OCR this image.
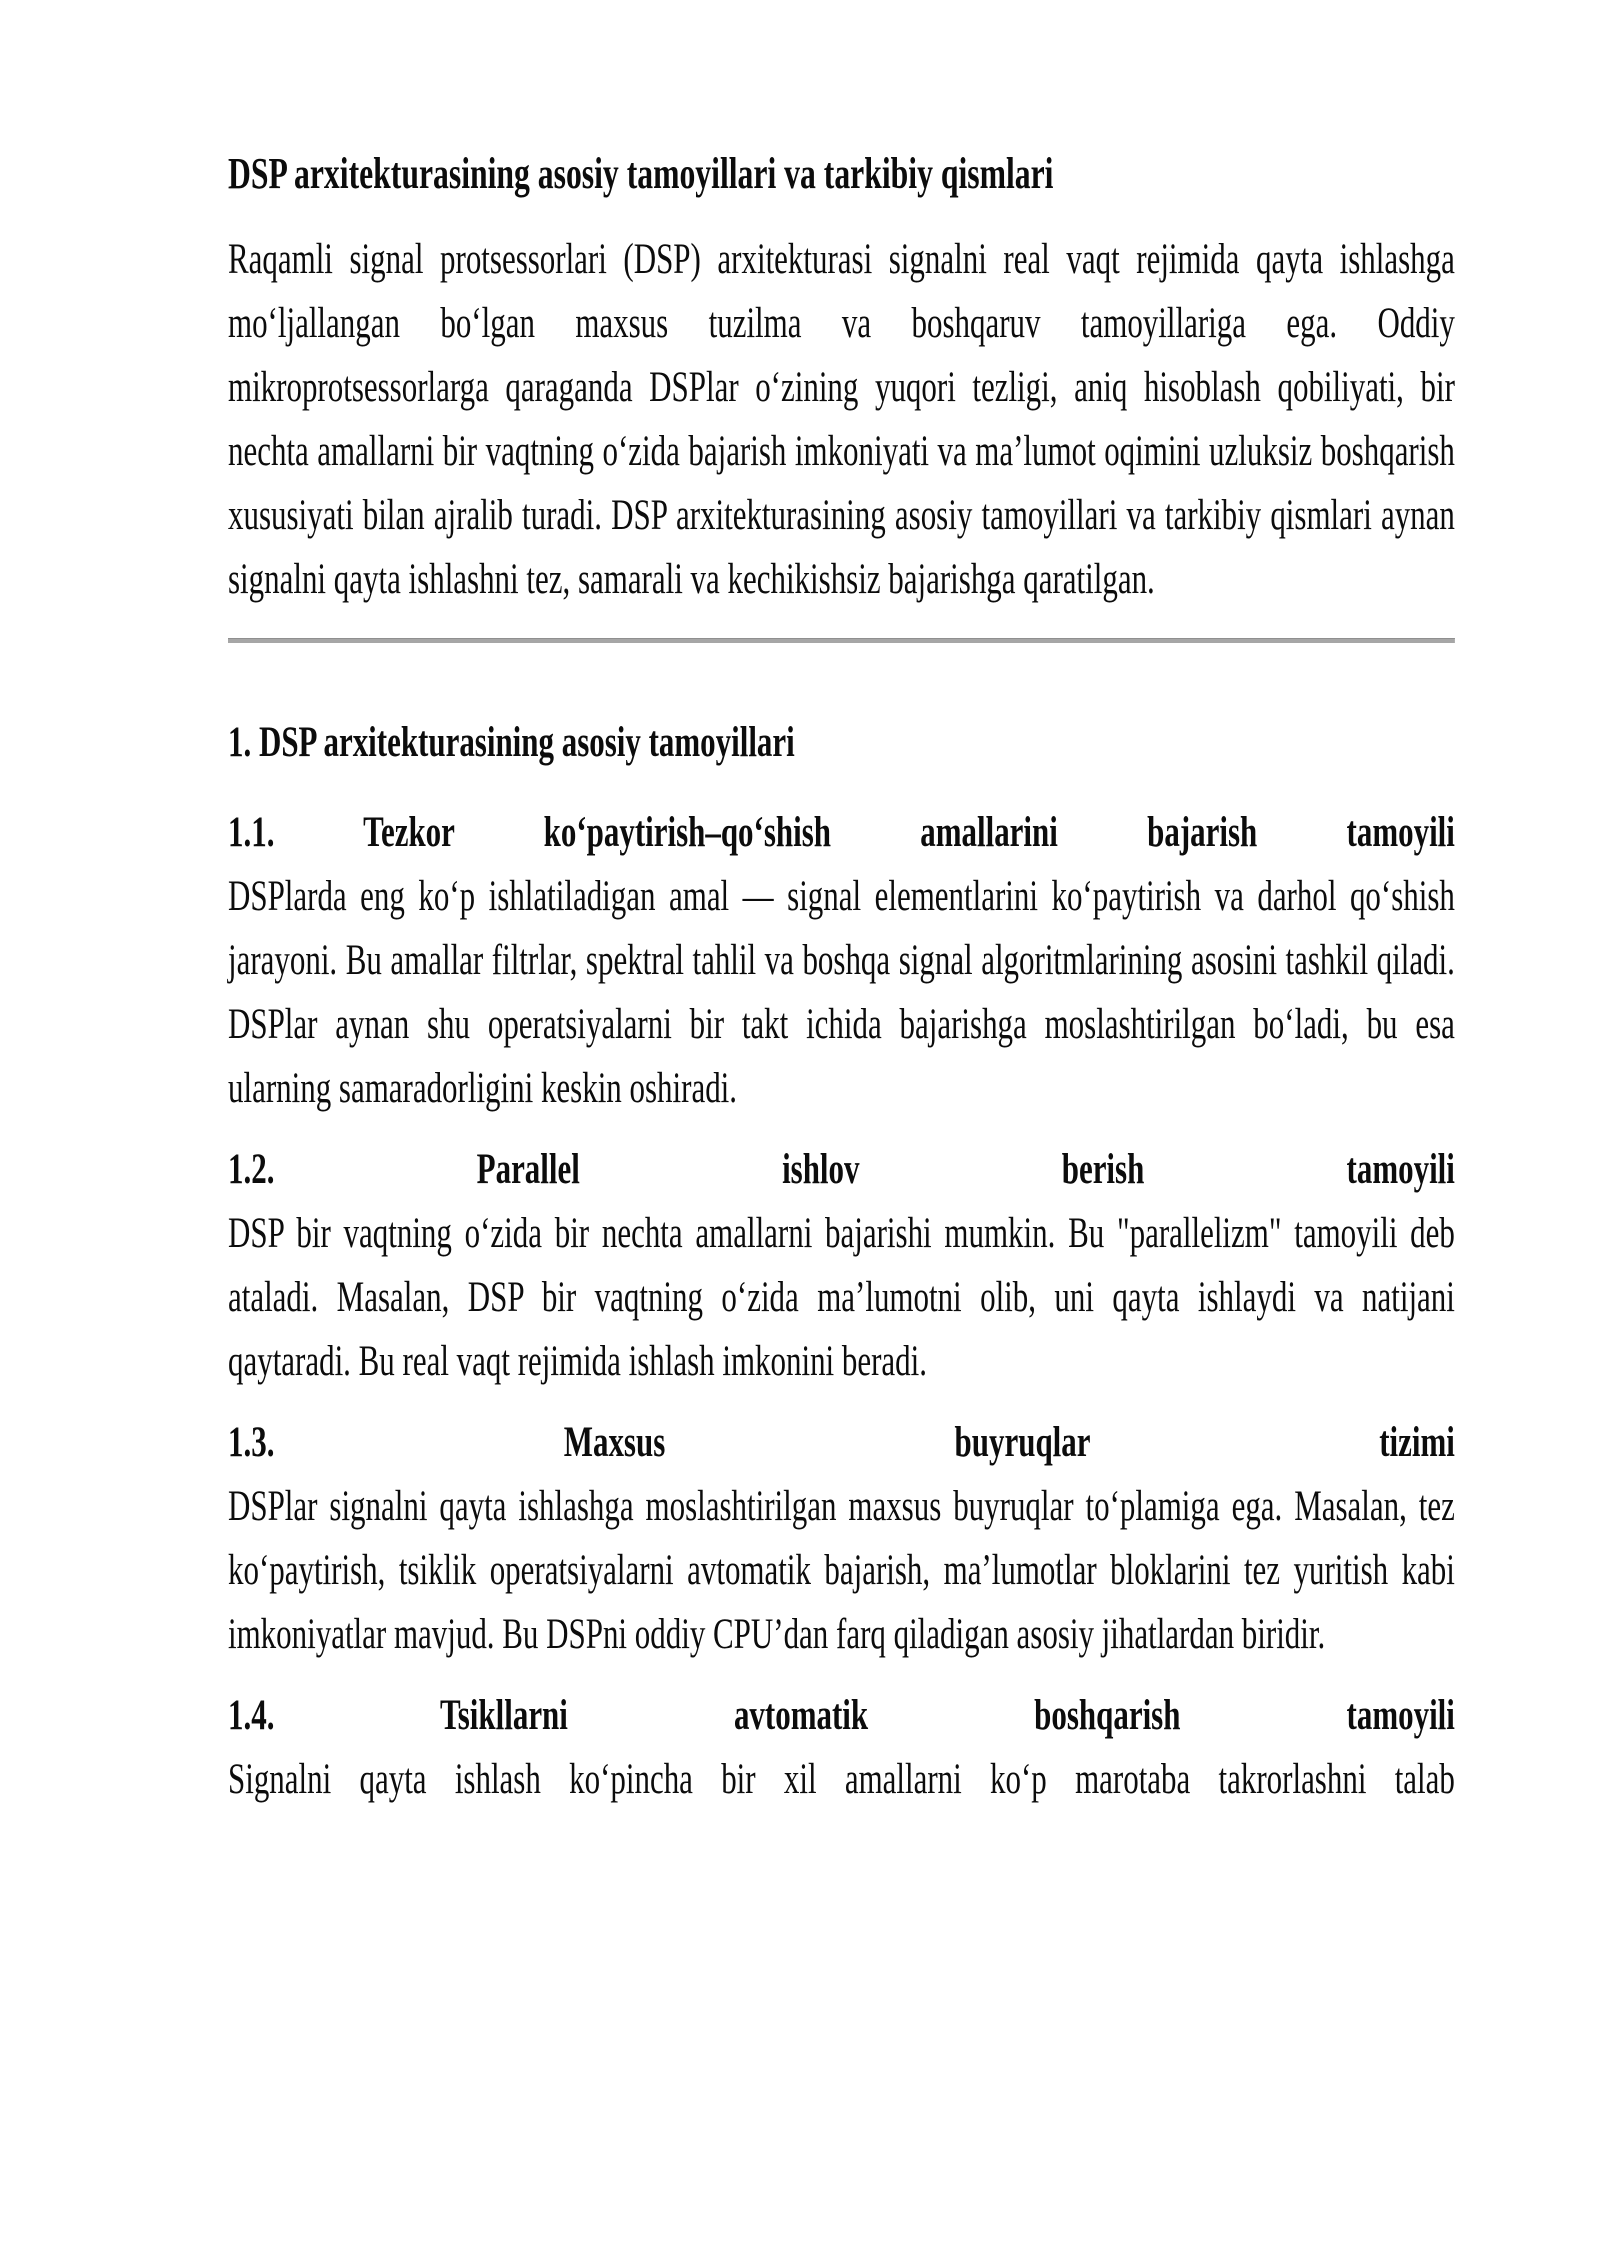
DSP arxitekturasining asosiy tamoyillari va tarkibiy qismlari

Raqamli signal protsessorlari (DSP) arxitekturasi signalni real vaqt rejimida qayta ishlashga moʻljallangan boʻlgan maxsus tuzilma va boshqaruv tamoyillariga ega. Oddiy mikroprotsessorlarga qaraganda DSPlar oʻzining yuqori tezligi, aniq hisoblash qobiliyati, bir nechta amallarni bir vaqtning oʻzida bajarish imkoniyati va maʼlumot oqimini uzluksiz boshqarish xususiyati bilan ajralib turadi. DSP arxitekturasining asosiy tamoyillari va tarkibiy qismlari aynan signalni qayta ishlashni tez, samarali va kechikishsiz bajarishga qaratilgan.

1. DSP arxitekturasining asosiy tamoyillari
1.1. Tezkor koʻpaytirish–qoʻshish amallarini bajarish tamoyili

DSPlarda eng koʻp ishlatiladigan amal — signal elementlarini koʻpaytirish va darhol qoʻshish jarayoni. Bu amallar filtrlar, spektral tahlil va boshqa signal algoritmlarining asosini tashkil qiladi. DSPlar aynan shu operatsiyalarni bir takt ichida bajarishga moslashtirilgan boʻladi, bu esa ularning samaradorligini keskin oshiradi.

1.2. Parallel ishlov berish tamoyili

DSP bir vaqtning oʻzida bir nechta amallarni bajarishi mumkin. Bu "parallelizm" tamoyili deb ataladi. Masalan, DSP bir vaqtning oʻzida maʼlumotni olib, uni qayta ishlaydi va natijani qaytaradi. Bu real vaqt rejimida ishlash imkonini beradi.

1.3. Maxsus buyruqlar tizimi

DSPlar signalni qayta ishlashga moslashtirilgan maxsus buyruqlar toʻplamiga ega. Masalan, tez koʻpaytirish, tsiklik operatsiyalarni avtomatik bajarish, maʼlumotlar bloklarini tez yuritish kabi imkoniyatlar mavjud. Bu DSPni oddiy CPU’dan farq qiladigan asosiy jihatlardan biridir.

1.4. Tsikllarni avtomatik boshqarish tamoyili

Signalni qayta ishlash koʻpincha bir xil amallarni koʻp marotaba takrorlashni talab
